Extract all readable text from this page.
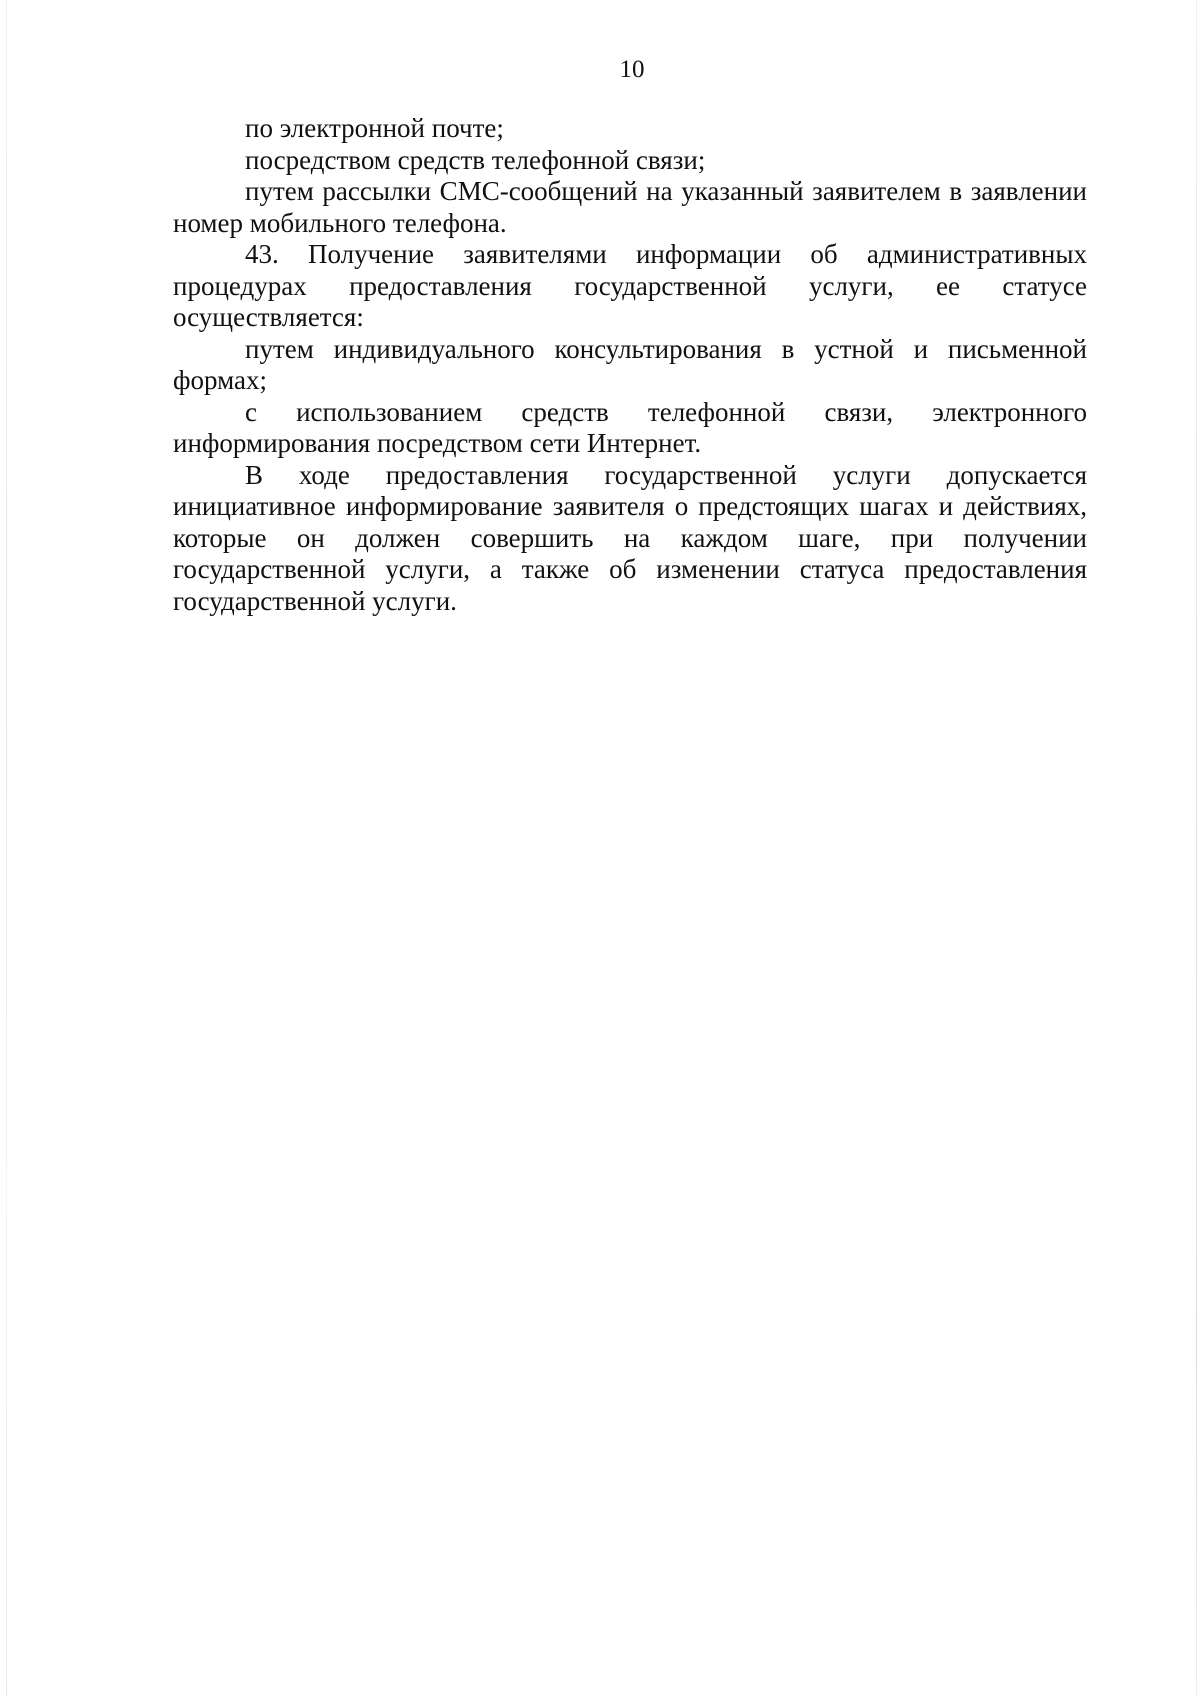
10

по электронной почте;

посредством средств телефонной связи;

путем рассылки СМС-сообщений на указанный заявителем в заявлении номер мобильного телефона.

43. Получение заявителями информации об административных процедурах предоставления государственной услуги, ее статусе осуществляется:

путем индивидуального консультирования в устной и письменной формах;

с использованием средств телефонной связи, электронного информирования посредством сети Интернет.

В ходе предоставления государственной услуги допускается инициативное информирование заявителя о предстоящих шагах и действиях, которые он должен совершить на каждом шаге, при получении государственной услуги, а также об изменении статуса предоставления государственной услуги.
